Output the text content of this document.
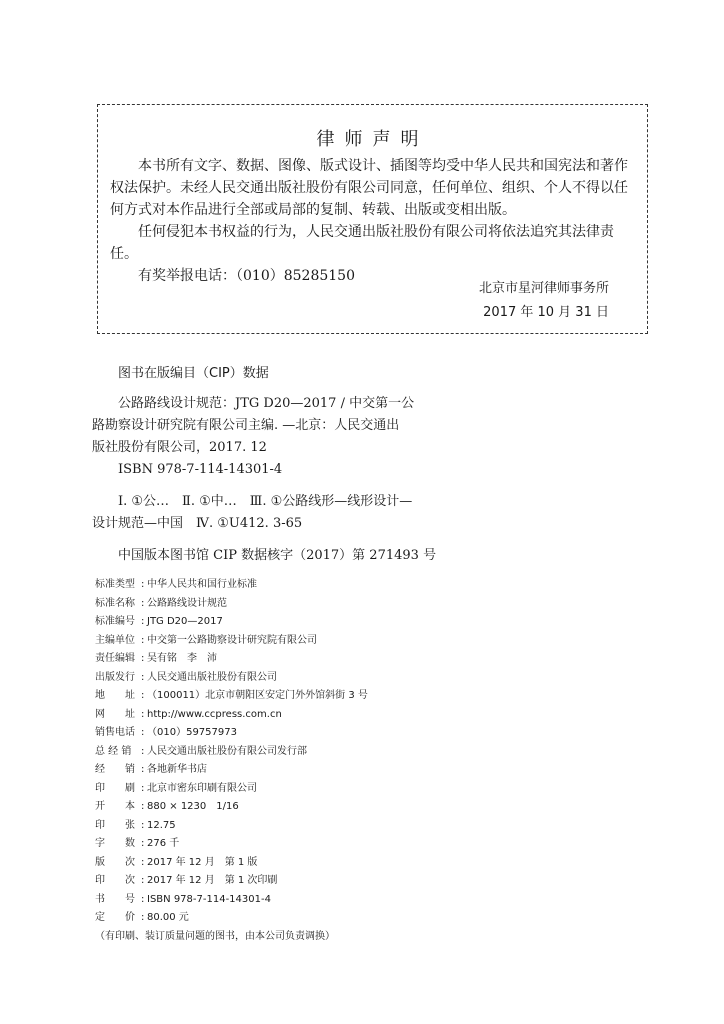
律师声明

本书所有文字、数据、图像、版式设计、插图等均受中华人民共和国宪法和著作权法保护。未经人民交通出版社股份有限公司同意，任何单位、组织、个人不得以任何方式对本作品进行全部或局部的复制、转载、出版或变相出版。

任何侵犯本书权益的行为，人民交通出版社股份有限公司将依法追究其法律责任。

有奖举报电话：（010）85285150

北京市星河律师事务所
2017 年 10 月 31 日
图书在版编目（CIP）数据
公路路线设计规范：JTG D20—2017 / 中交第一公
路勘察设计研究院有限公司主编. —北京：人民交通出
版社股份有限公司，2017. 12
ISBN 978-7-114-14301-4
Ⅰ. ①公…　Ⅱ. ①中…　Ⅲ. ①公路线形—线形设计—
设计规范—中国　Ⅳ. ①U412. 3-65
中国版本图书馆 CIP 数据核字（2017）第 271493 号
标准类型 : 中华人民共和国行业标准
标准名称 : 公路路线设计规范
标准编号 : JTG D20—2017
主编单位 : 中交第一公路勘察设计研究院有限公司
责任编辑 : 吴有铭　李　沛
出版发行 : 人民交通出版社股份有限公司
地　　址 : （100011）北京市朝阳区安定门外外馆斜街 3 号
网　　址 : http://www.ccpress.com.cn
销售电话 : （010）59757973
总 经 销 : 人民交通出版社股份有限公司发行部
经　　销 : 各地新华书店
印　　刷 : 北京市密东印刷有限公司
开　　本 : 880 × 1230　1/16
印　　张 : 12.75
字　　数 : 276 千
版　　次 : 2017 年 12 月　第 1 版
印　　次 : 2017 年 12 月　第 1 次印刷
书　　号 : ISBN 978-7-114-14301-4
定　　价 : 80.00 元
（有印刷、装订质量问题的图书，由本公司负责调换）
